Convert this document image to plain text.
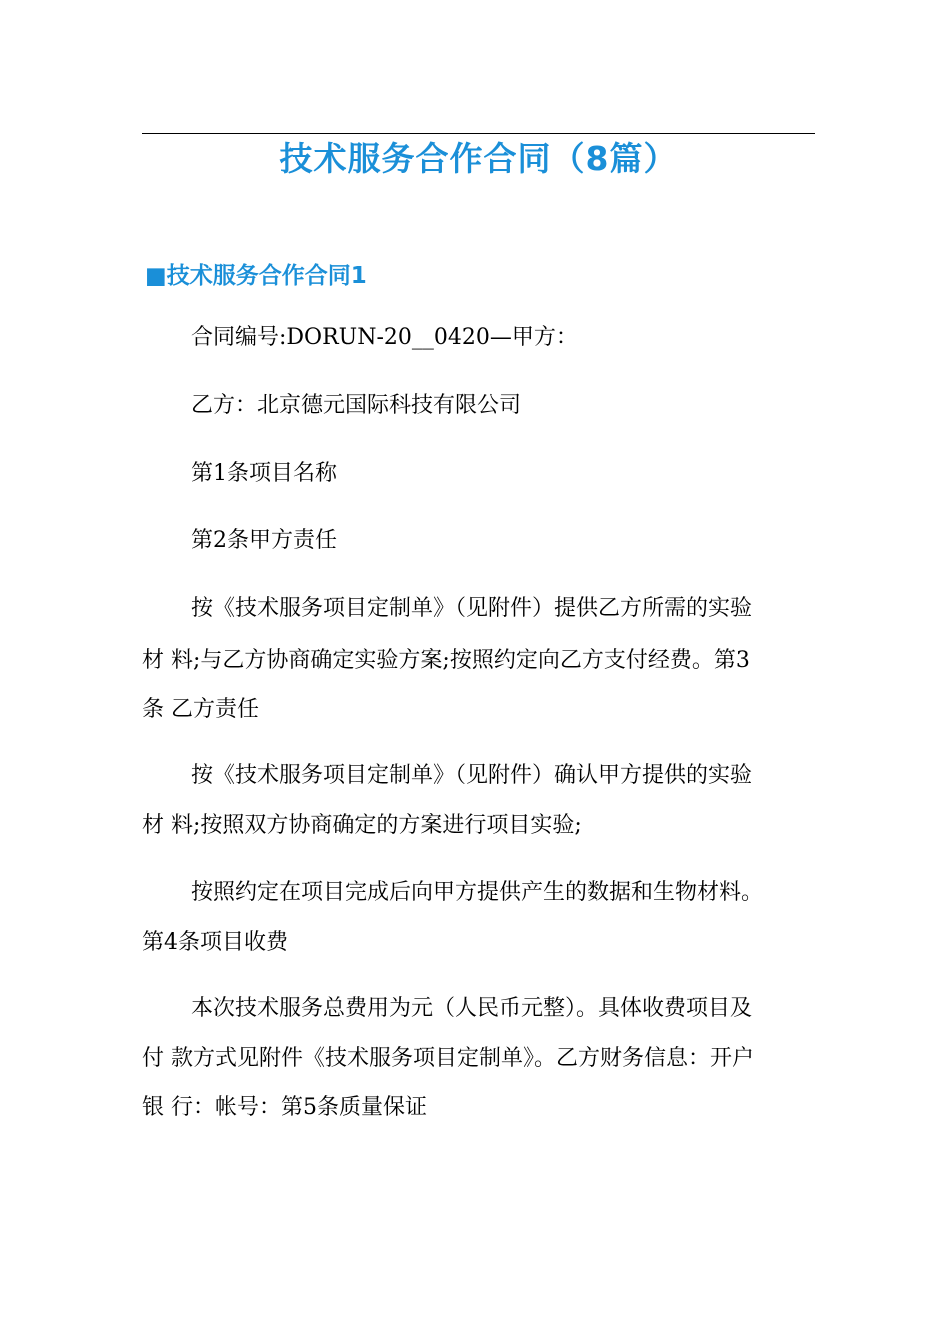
技术服务合作合同（8篇）
■技术服务合作合同1
合同编号:DORUN-20__0420—甲方：
乙方：北京德元国际科技有限公司
第1条项目名称
第2条甲方责任
按《技术服务项目定制单》（见附件）提供乙方所需的实验
材 料;与乙方协商确定实验方案;按照约定向乙方支付经费。第3
条 乙方责任
按《技术服务项目定制单》（见附件）确认甲方提供的实验
材 料;按照双方协商确定的方案进行项目实验;
按照约定在项目完成后向甲方提供产生的数据和生物材料。
第4条项目收费
本次技术服务总费用为元（人民币元整）。具体收费项目及
付 款方式见附件《技术服务项目定制单》。乙方财务信息：开户
银 行：帐号：第5条质量保证
